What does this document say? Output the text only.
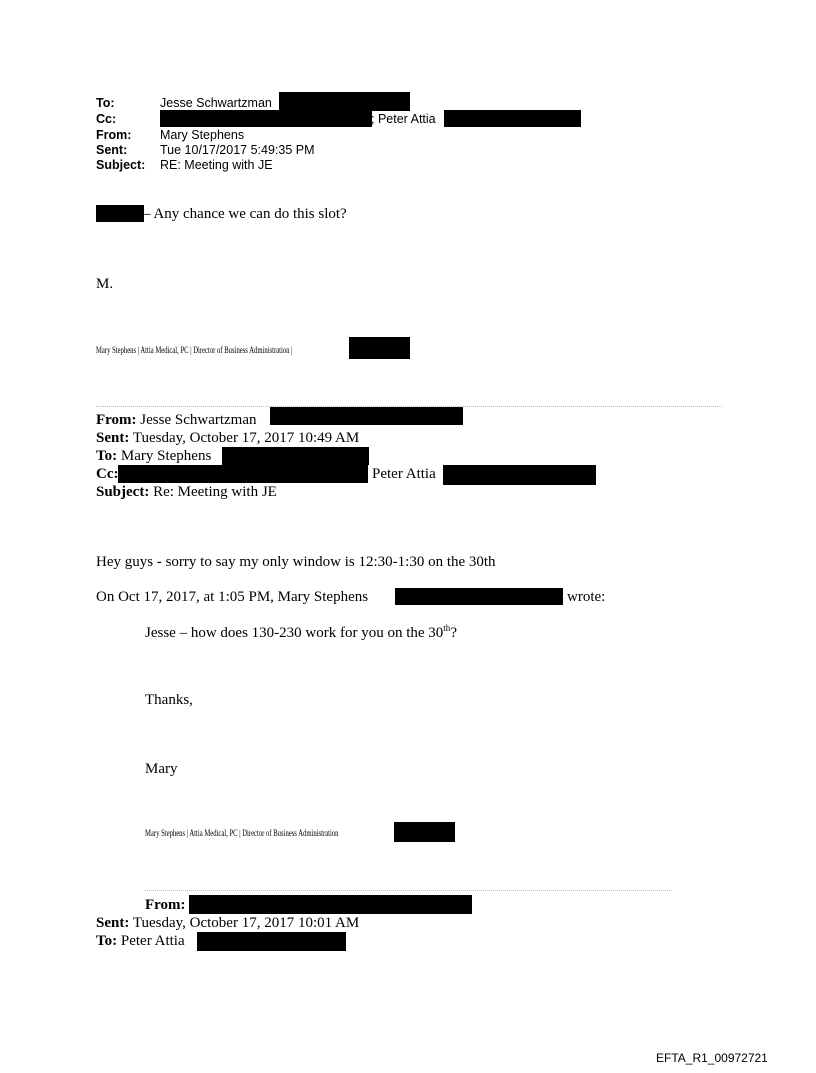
To:	Jesse Schwartzman
Cc:	; Peter Attia
From: Mary Stephens
Sent:	Tue 10/17/2017 5:49:35 PM
Subject: RE: Meeting with JE
– Any chance we can do this slot?
M.
Mary Stephens | Attia Medical, PC | Director of Business Administration |
From: Jesse Schwartzman
Sent: Tuesday, October 17, 2017 10:49 AM
To: Mary Stephens
Cc:	Peter Attia
Subject: Re: Meeting with JE
Hey guys - sorry to say my only window is 12:30-1:30 on the 30th
On Oct 17, 2017, at 1:05 PM, Mary Stephens	wrote:
Jesse – how does 130-230 work for you on the 30th?
Thanks,
Mary
Mary Stephens | Attia Medical, PC | Director of Business Administration
From:
Sent: Tuesday, October 17, 2017 10:01 AM
To: Peter Attia
EFTA_R1_00972721
